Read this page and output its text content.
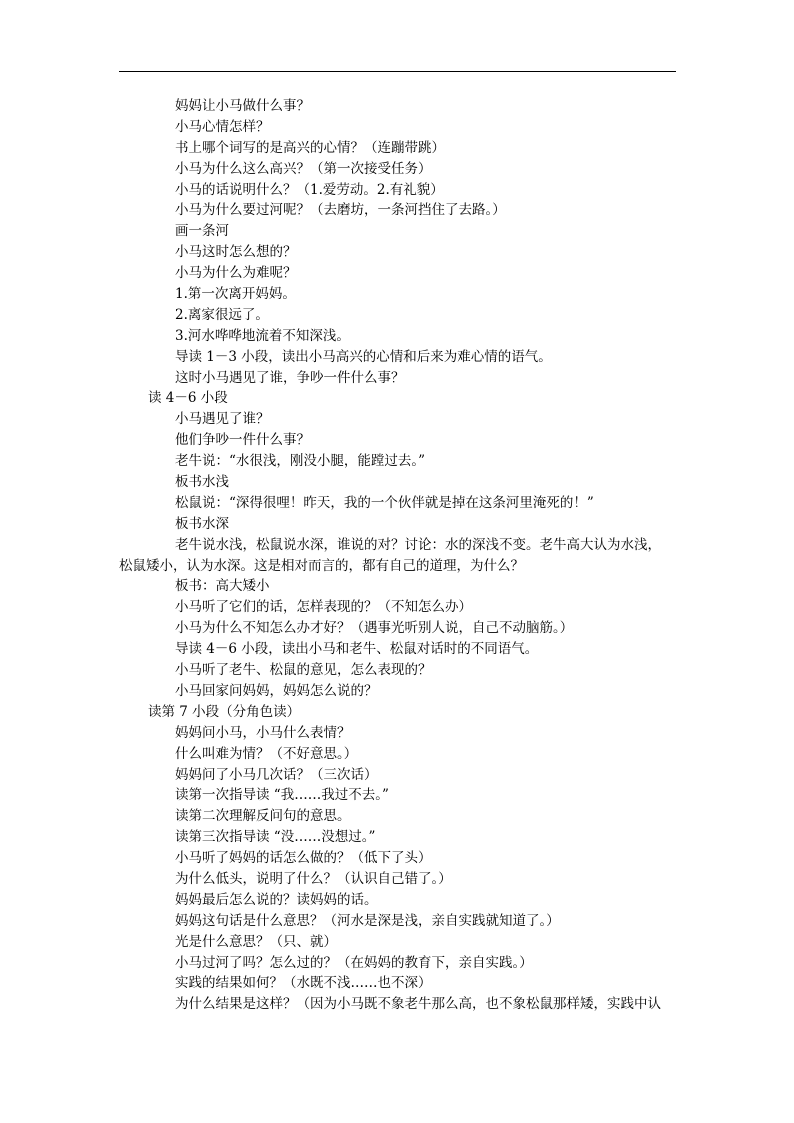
妈妈让小马做什么事？
小马心情怎样？
书上哪个词写的是高兴的心情？（连蹦带跳）
小马为什么这么高兴？（第一次接受任务）
小马的话说明什么？（1.爱劳动。2.有礼貌）
小马为什么要过河呢？（去磨坊，一条河挡住了去路。）
画一条河
小马这时怎么想的？
小马为什么为难呢？
1.第一次离开妈妈。
2.离家很远了。
3.河水哗哗地流着不知深浅。
导读 1－3 小段，读出小马高兴的心情和后来为难心情的语气。
这时小马遇见了谁，争吵一件什么事？
读 4－6 小段
小马遇见了谁？
他们争吵一件什么事？
老牛说：“水很浅，刚没小腿，能蹚过去。”
板书水浅
松鼠说：“深得很哩！昨天，我的一个伙伴就是掉在这条河里淹死的！”
板书水深
老牛说水浅，松鼠说水深，谁说的对？讨论：水的深浅不变。老牛高大认为水浅，
松鼠矮小，认为水深。这是相对而言的，都有自己的道理，为什么？
板书：高大矮小
小马听了它们的话，怎样表现的？（不知怎么办）
小马为什么不知怎么办才好？（遇事光听别人说，自己不动脑筋。）
导读 4－6 小段，读出小马和老牛、松鼠对话时的不同语气。
小马听了老牛、松鼠的意见，怎么表现的？
小马回家问妈妈，妈妈怎么说的？
读第 7 小段（分角色读）
妈妈问小马，小马什么表情？
什么叫难为情？（不好意思。）
妈妈问了小马几次话？（三次话）
读第一次指导读 “我……我过不去。”
读第二次理解反问句的意思。
读第三次指导读 “没……没想过。”
小马听了妈妈的话怎么做的？（低下了头）
为什么低头，说明了什么？（认识自己错了。）
妈妈最后怎么说的？读妈妈的话。
妈妈这句话是什么意思？（河水是深是浅，亲自实践就知道了。）
光是什么意思？（只、就）
小马过河了吗？怎么过的？（在妈妈的教育下，亲自实践。）
实践的结果如何？（水既不浅……也不深）
为什么结果是这样？（因为小马既不象老牛那么高，也不象松鼠那样矮，实践中认
